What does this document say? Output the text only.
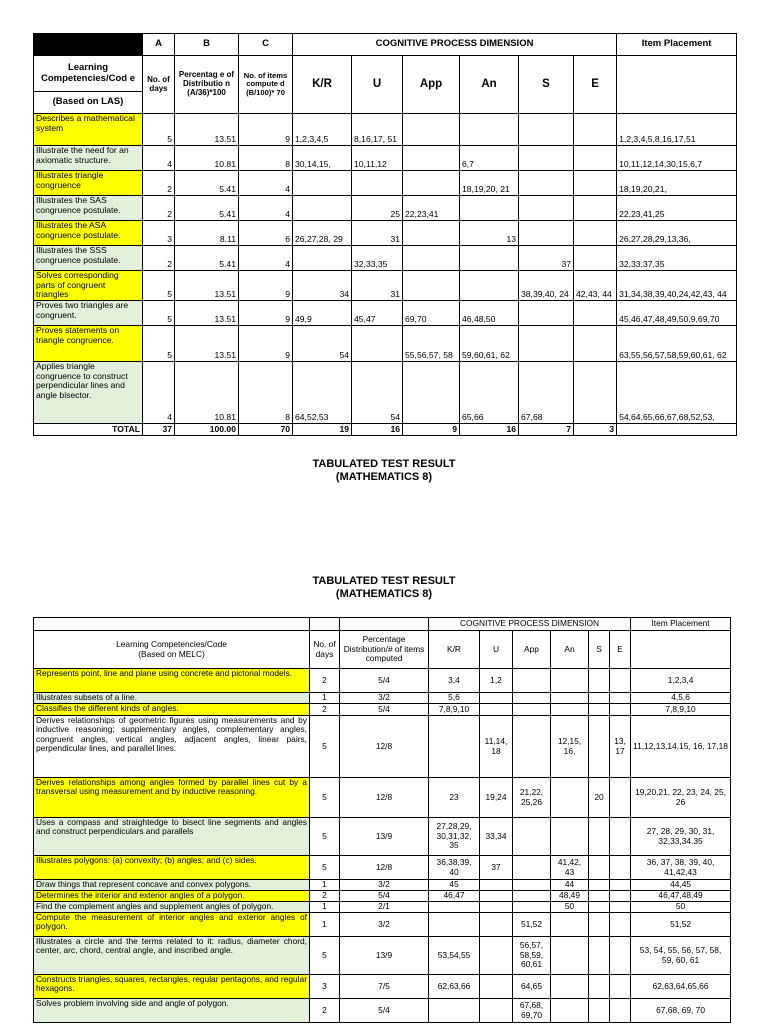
	A	B	C	COGNITIVE PROCESS DIMENSION						Item Placement
Learning Competencies/Cod e	No. of days	Percentag e of Distributio n (A/36)*100	No. of items compute d (B/100)* 70	K/R	U	App	An	S	E	
(Based on LAS)										
Describes a mathematical system	5	13.51	9	1,2,3,4,5	8,16,17, 51					1,2,3,4,5,8,16,17,51
Illustrate the need for an axiomatic structure.	4	10.81	8	30,14,15,	10,11,12		6,7			10,11,12,14,30,15,6,7
Illustrates triangle congruence	2	5.41	4				18,19,20, 21			18,19,20,21,
Illustrates the SAS congruence postulate.	2	5.41	4		25	22,23,41				22,23,41,25
Illustrates the ASA congruence postulate.	3	8.11	6	26,27,28, 29	31		13			26,27,28,29,13,36,
Illustrates the SSS congruence postulate.	2	5.41	4		32,33,35			37		32,33,37,35
Solves corresponding parts of congruent triangles	5	13.51	9	34	31			38,39,40, 24	42,43, 44	31,34,38,39,40,24,42,43, 44
Proves two triangles are congruent.	5	13.51	9	49,9	45,47	69,70	46,48,50			45,46,47,48,49,50,9,69,70
Proves statements on triangle congruence.	5	13.51	9	54		55,56,57, 58	59,60,61, 62			63,55,56,57,58,59,60,61, 62
Applies triangle congruence to construct perpendicular lines and angle bisector.	4	10.81	8	64,52,53	54		65,66	67,68		54,64,65,66,67,68,52,53,
TOTAL	37	100.00	70	19	16	9	16	7	3	
TABULATED TEST RESULT
(MATHEMATICS 8)
TABULATED TEST RESULT
(MATHEMATICS 8)
			COGNITIVE PROCESS DIMENSION						Item Placement

Learning Competencies/Code
(Based on MELC)	No. of days	Percentage Distribution/# of items computed	K/R	U	App	An	S	E	
Represents point, line and plane using concrete and pictorial models.	2	5/4	3,4	1,2					1,2,3,4
Illustrates subsets of a line.	1	3/2	5,6						4,5,6
Classifies the different kinds of angles.	2	5/4	7,8,9,10						7,8,9,10
Derives relationships of geometric figures using measurements and by inductive reasoning; supplementary angles, complementary angles, congruent angles, vertical angles, adjacent angles, linear pairs, perpendicular lines, and parallel lines.	5	12/8		11,14, 18		12,15, 16,		13, 17	11,12,13,14,15, 16, 17,18
Derives relationships among angles formed by parallel lines cut by a transversal using measurement and by inductive reasoning.	5	12/8	23	19,24	21,22, 25,26		20		19,20,21, 22, 23, 24, 25, 26
Uses a compass and straightedge to bisect line segments and angles and construct perpendiculars and parallels	5	13/9	27,28,29, 30,31,32, 35	33,34					27, 28, 29, 30, 31, 32,33,34.35
Illustrates polygons: (a) convexity; (b) angles; and (c) sides.	5	12/8	36,38,39, 40	37		41,42, 43			36, 37, 38, 39, 40, 41,42,43
Draw things that represent concave and convex polygons.	1	3/2	45			44			44,45
Determines the interior and exterior angles of a polygon.	2	5/4	46,47			48,49			46,47,48,49
Find the complement angles and supplement angles of polygon.	1	2/1				50			50
Compute the measurement of interior angles and exterior angles of polygon.	1	3/2			51,52				51,52
Illustrates a circle and the terms related to it: radius, diameter chord, center, arc, chord, central angle, and inscribed angle.	5	13/9	53,54,55		56,57, 58,59, 60,61				53, 54, 55, 56, 57, 58, 59, 60, 61
Constructs triangles, squares, rectangles, regular pentagons, and regular hexagons.	3	7/5	62,63,66		64,65				62,63,64,65,66
Solves problem involving side and angle of polygon.	2	5/4			67,68, 69,70				67,68, 69, 70
